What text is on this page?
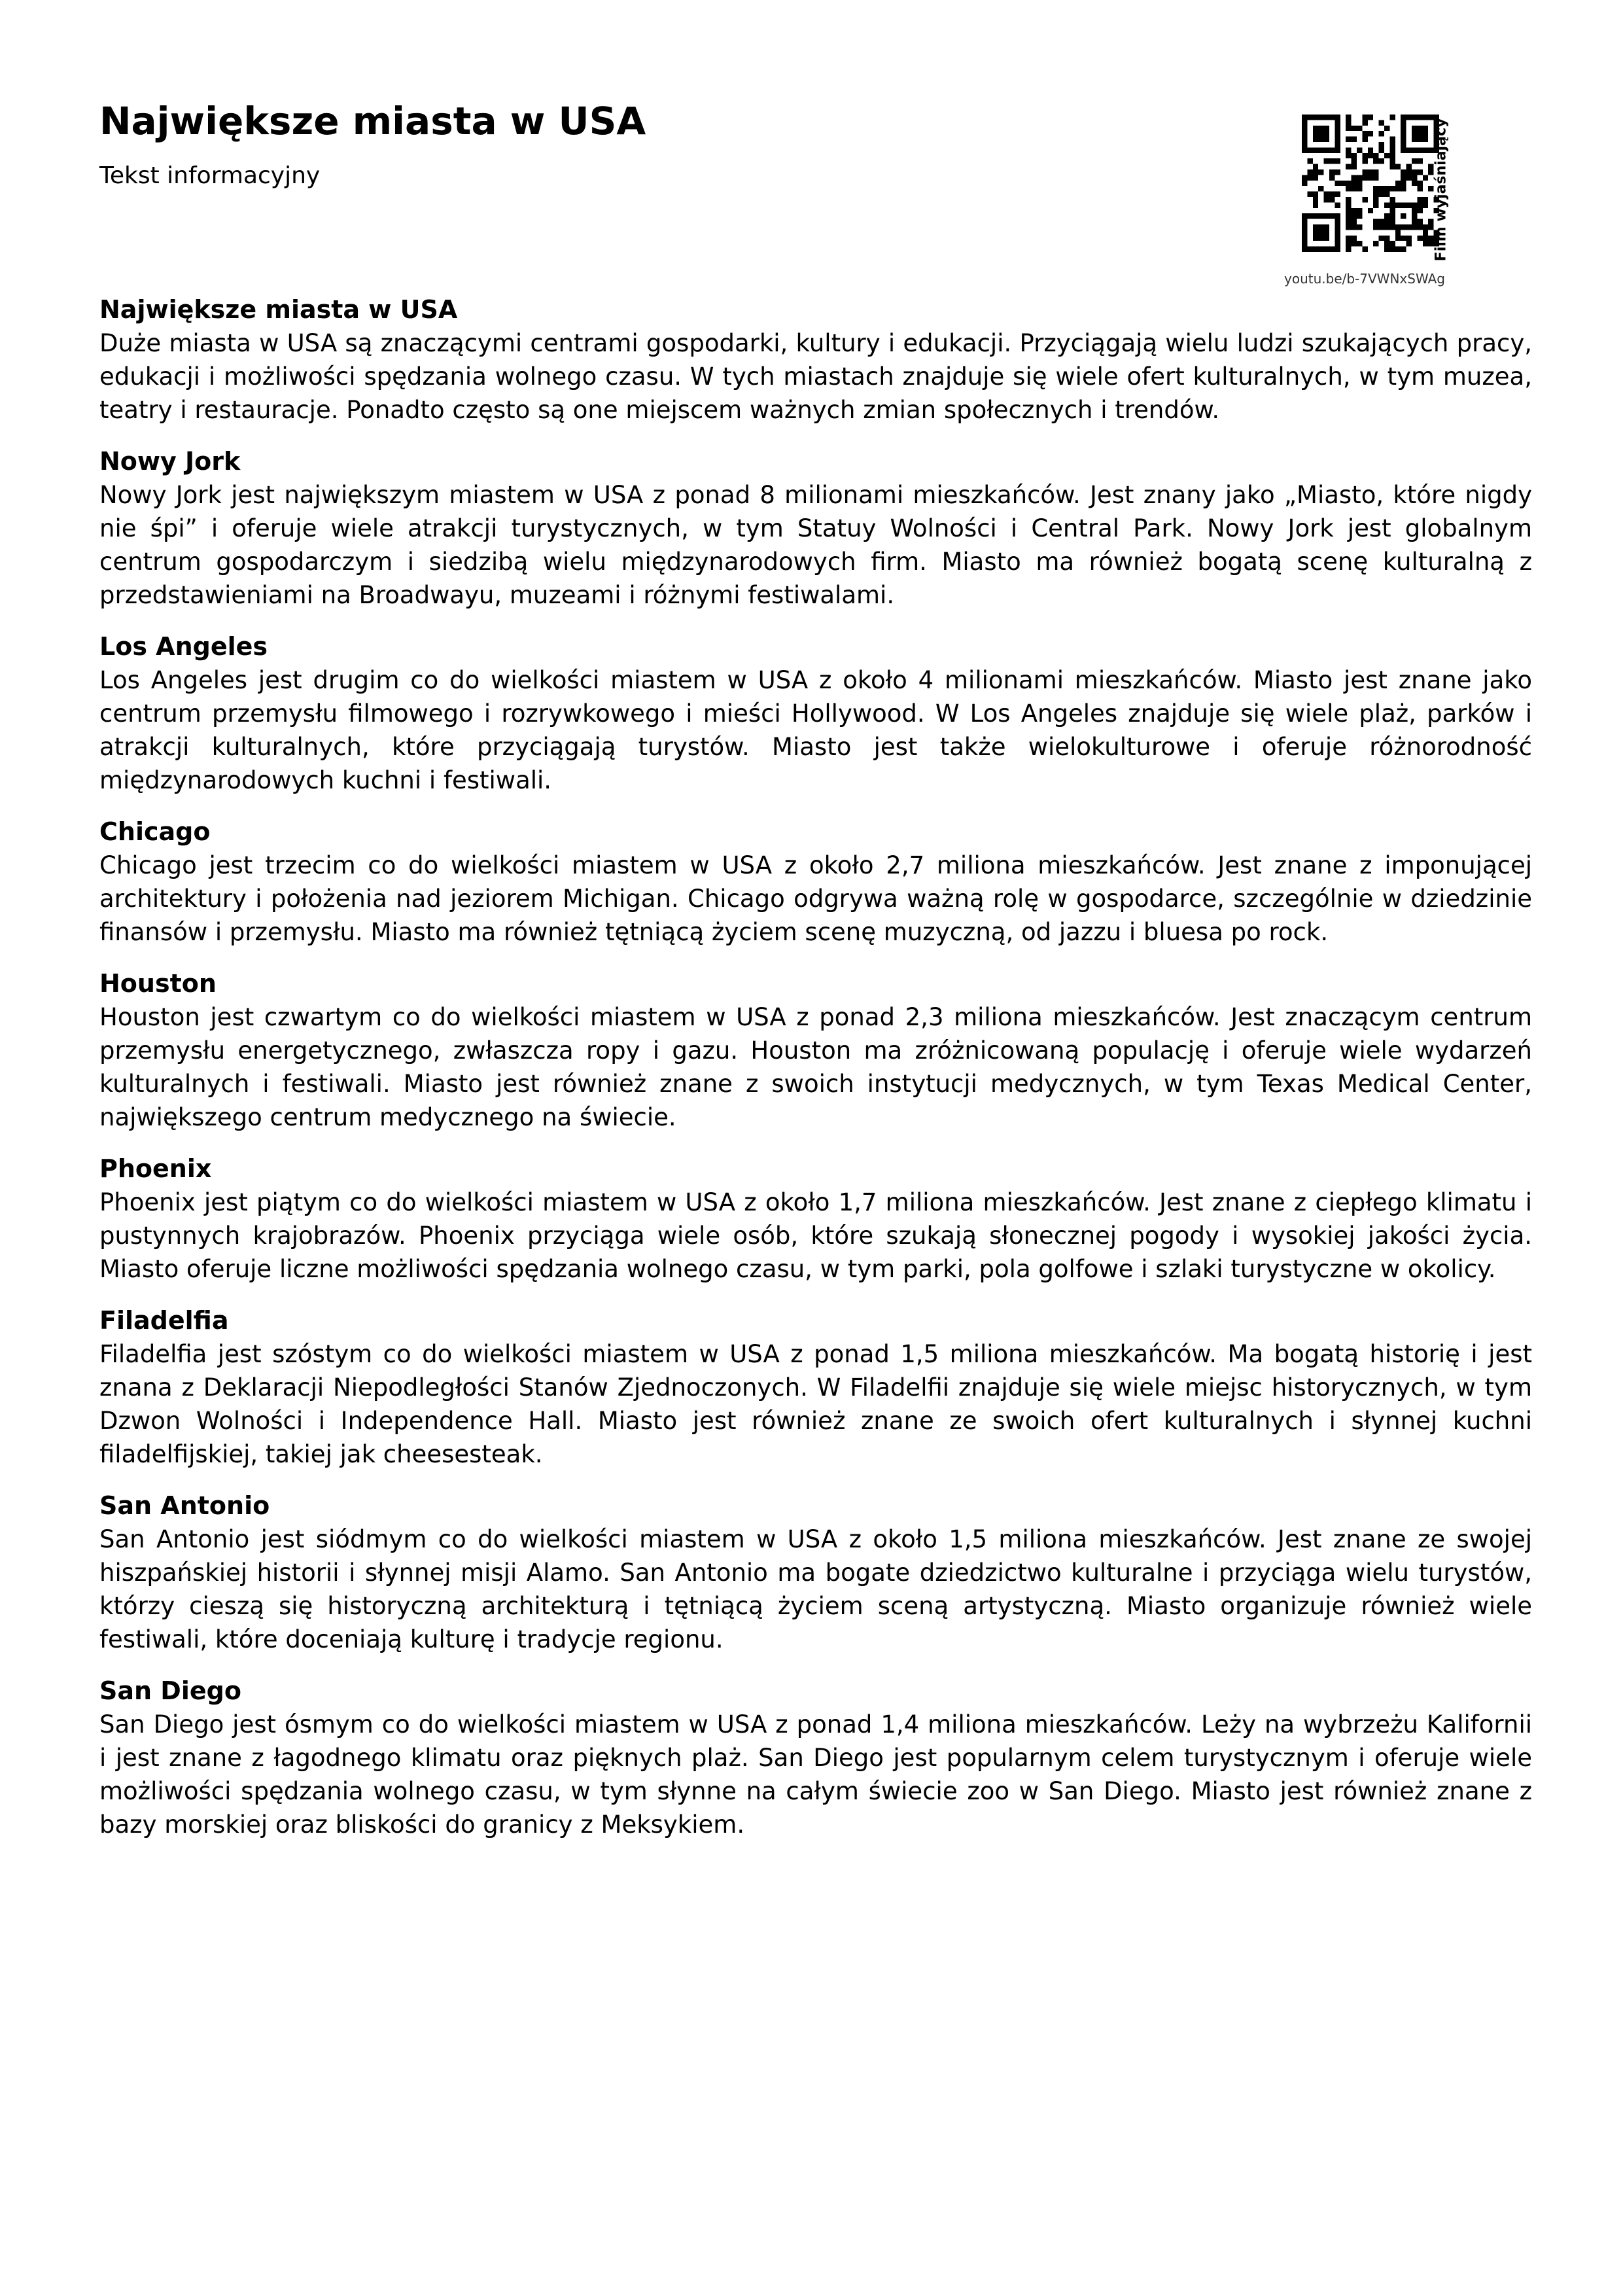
Największe miasta w USA
Tekst informacyjny	Film wyjaśniający
youtu.be/b-7VWNxSWAg
Największe miasta w USA

Duże miasta w USA są znaczącymi centrami gospodarki, kultury i edukacji. Przyciągają wielu ludzi szukających pracy, edukacji i możliwości spędzania wolnego czasu. W tych miastach znajduje się wiele ofert kulturalnych, w tym muzea, teatry i restauracje. Ponadto często są one miejscem ważnych zmian społecznych i trendów.

Nowy Jork

Nowy Jork jest największym miastem w USA z ponad 8 milionami mieszkańców. Jest znany jako „Miasto, które nigdy nie śpi” i oferuje wiele atrakcji turystycznych, w tym Statuy Wolności i Central Park. Nowy Jork jest globalnym centrum gospodarczym i siedzibą wielu międzynarodowych firm. Miasto ma również bogatą scenę kulturalną z przedstawieniami na Broadwayu, muzeami i różnymi festiwalami.

Los Angeles

Los Angeles jest drugim co do wielkości miastem w USA z około 4 milionami mieszkańców. Miasto jest znane jako centrum przemysłu filmowego i rozrywkowego i mieści Hollywood. W Los Angeles znajduje się wiele plaż, parków i atrakcji kulturalnych, które przyciągają turystów. Miasto jest także wielokulturowe i oferuje różnorodność międzynarodowych kuchni i festiwali.

Chicago

Chicago jest trzecim co do wielkości miastem w USA z około 2,7 miliona mieszkańców. Jest znane z imponującej architektury i położenia nad jeziorem Michigan. Chicago odgrywa ważną rolę w gospodarce, szczególnie w dziedzinie finansów i przemysłu. Miasto ma również tętniącą życiem scenę muzyczną, od jazzu i bluesa po rock.

Houston

Houston jest czwartym co do wielkości miastem w USA z ponad 2,3 miliona mieszkańców. Jest znaczącym centrum przemysłu energetycznego, zwłaszcza ropy i gazu. Houston ma zróżnicowaną populację i oferuje wiele wydarzeń kulturalnych i festiwali. Miasto jest również znane z swoich instytucji medycznych, w tym Texas Medical Center, największego centrum medycznego na świecie.

Phoenix

Phoenix jest piątym co do wielkości miastem w USA z około 1,7 miliona mieszkańców. Jest znane z ciepłego klimatu i pustynnych krajobrazów. Phoenix przyciąga wiele osób, które szukają słonecznej pogody i wysokiej jakości życia. Miasto oferuje liczne możliwości spędzania wolnego czasu, w tym parki, pola golfowe i szlaki turystyczne w okolicy.

Filadelfia

Filadelfia jest szóstym co do wielkości miastem w USA z ponad 1,5 miliona mieszkańców. Ma bogatą historię i jest znana z Deklaracji Niepodległości Stanów Zjednoczonych. W Filadelfii znajduje się wiele miejsc historycznych, w tym Dzwon Wolności i Independence Hall. Miasto jest również znane ze swoich ofert kulturalnych i słynnej kuchni filadelfijskiej, takiej jak cheesesteak.

San Antonio

San Antonio jest siódmym co do wielkości miastem w USA z około 1,5 miliona mieszkańców. Jest znane ze swojej hiszpańskiej historii i słynnej misji Alamo. San Antonio ma bogate dziedzictwo kulturalne i przyciąga wielu turystów, którzy cieszą się historyczną architekturą i tętniącą życiem sceną artystyczną. Miasto organizuje również wiele festiwali, które doceniają kulturę i tradycje regionu.

San Diego

San Diego jest ósmym co do wielkości miastem w USA z ponad 1,4 miliona mieszkańców. Leży na wybrzeżu Kalifornii i jest znane z łagodnego klimatu oraz pięknych plaż. San Diego jest popularnym celem turystycznym i oferuje wiele możliwości spędzania wolnego czasu, w tym słynne na całym świecie zoo w San Diego. Miasto jest również znane z bazy morskiej oraz bliskości do granicy z Meksykiem.
